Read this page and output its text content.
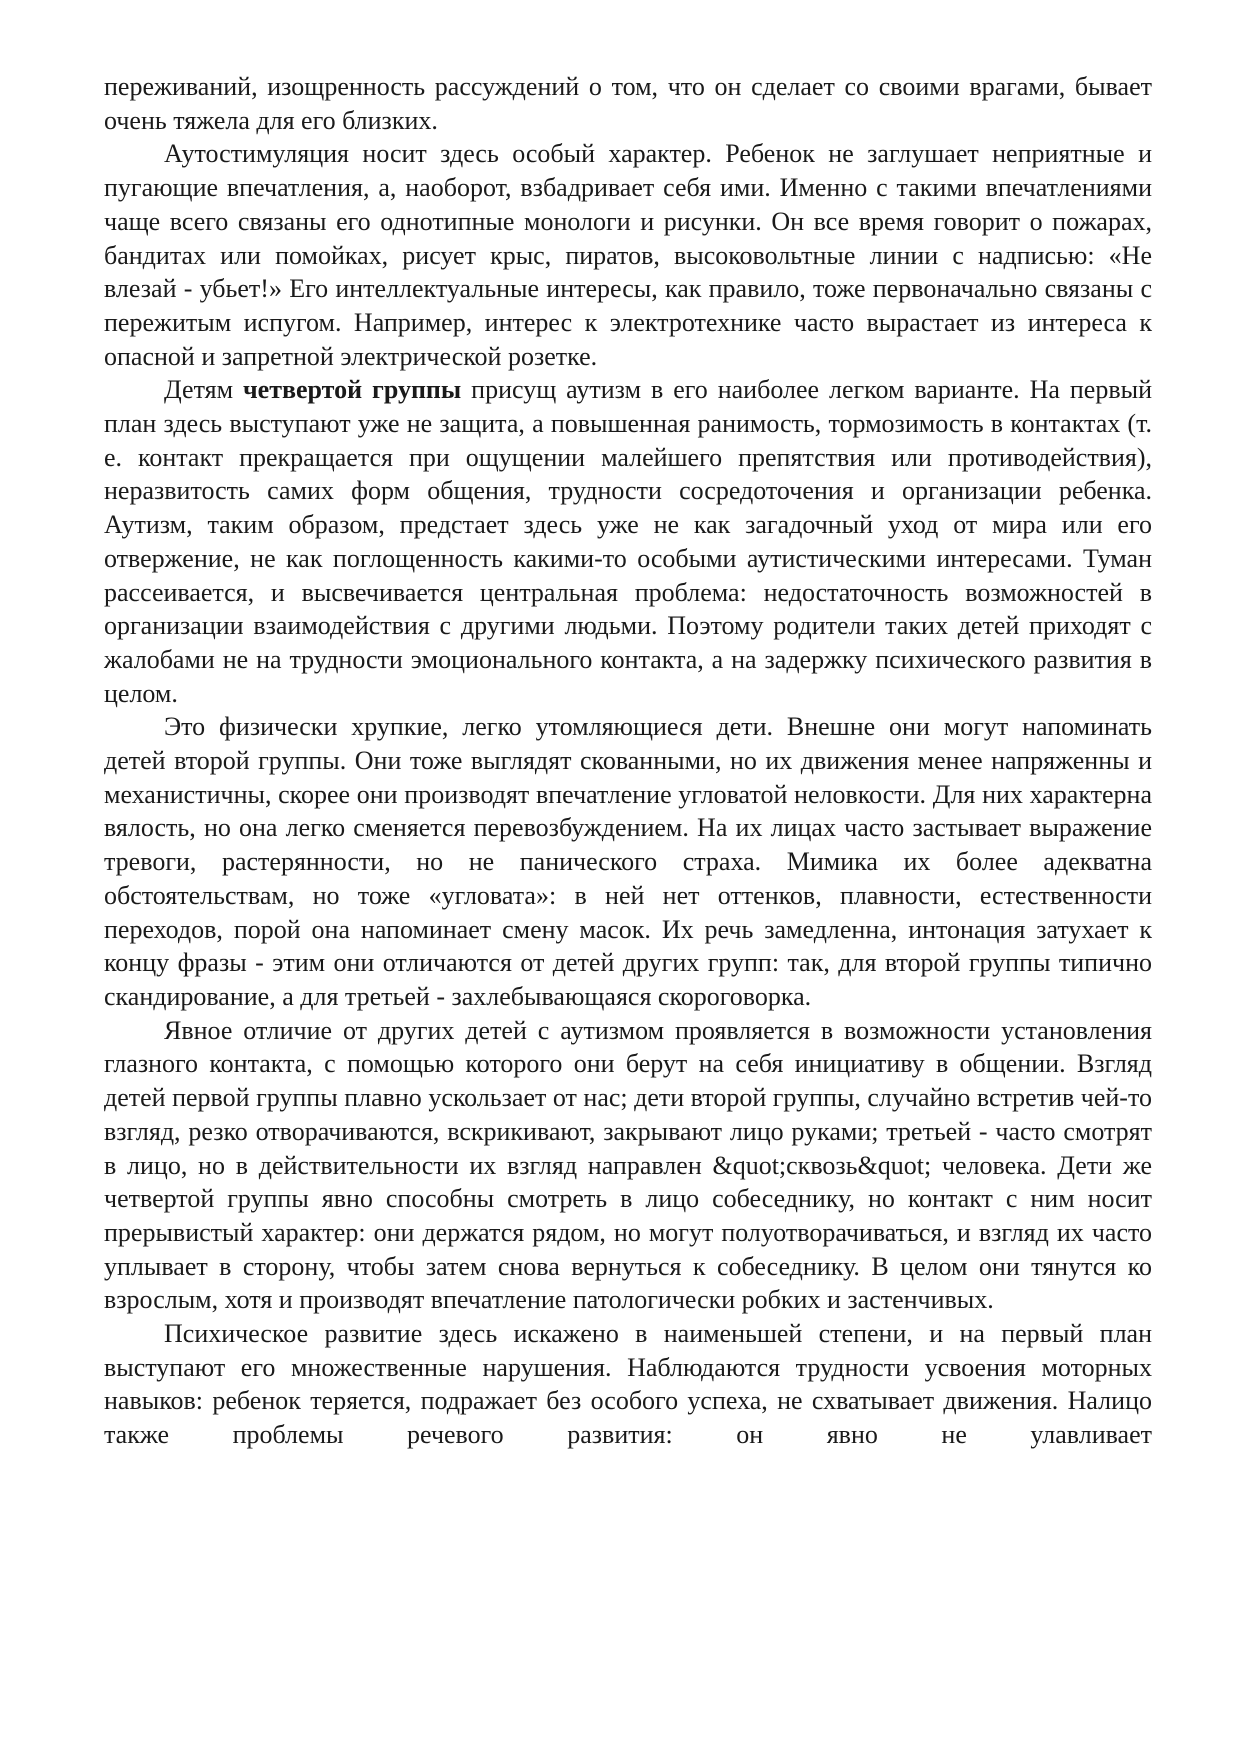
переживаний, изощренность рассуждений о том, что он сделает со своими врагами, бывает очень тяжела для его близких.

Аутостимуляция носит здесь особый характер. Ребенок не заглушает неприятные и пугающие впечатления, а, наоборот, взбадривает себя ими. Именно с такими впечатлениями чаще всего связаны его однотипные монологи и рисунки. Он все время говорит о пожарах, бандитах или помойках, рисует крыс, пиратов, высоковольтные линии с надписью: «Не влезай - убьет!» Его интеллектуальные интересы, как правило, тоже первоначально связаны с пережитым испугом. Например, интерес к электротехнике часто вырастает из интереса к опасной и запретной электрической розетке.

Детям четвертой группы присущ аутизм в его наиболее легком варианте. На первый план здесь выступают уже не защита, а повышенная ранимость, тормозимость в контактах (т. е. контакт прекращается при ощущении малейшего препятствия или противодействия), неразвитость самих форм общения, трудности сосредоточения и организации ребенка. Аутизм, таким образом, предстает здесь уже не как загадочный уход от мира или его отвержение, не как поглощенность какими-то особыми аутистическими интересами. Туман рассеивается, и высвечивается центральная проблема: недостаточность возможностей в организации взаимодействия с другими людьми. Поэтому родители таких детей приходят с жалобами не на трудности эмоционального контакта, а на задержку психического развития в целом.

Это физически хрупкие, легко утомляющиеся дети. Внешне они могут напоминать детей второй группы. Они тоже выглядят скованными, но их движения менее напряженны и механистичны, скорее они производят впечатление угловатой неловкости. Для них характерна вялость, но она легко сменяется перевозбуждением. На их лицах часто застывает выражение тревоги, растерянности, но не панического страха. Мимика их более адекватна обстоятельствам, но тоже «угловата»: в ней нет оттенков, плавности, естественности переходов, порой она напоминает смену масок. Их речь замедленна, интонация затухает к концу фразы - этим они отличаются от детей других групп: так, для второй группы типично скандирование, а для третьей - захлебывающаяся скороговорка.

Явное отличие от других детей с аутизмом проявляется в возможности установления глазного контакта, с помощью которого они берут на себя инициативу в общении. Взгляд детей первой группы плавно ускользает от нас; дети второй группы, случайно встретив чей-то взгляд, резко отворачиваются, вскрикивают, закрывают лицо руками; третьей - часто смотрят в лицо, но в действительности их взгляд направлен &quot;сквозь&quot; человека. Дети же четвертой группы явно способны смотреть в лицо собеседнику, но контакт с ним носит прерывистый характер: они держатся рядом, но могут полуотворачиваться, и взгляд их часто уплывает в сторону, чтобы затем снова вернуться к собеседнику. В целом они тянутся ко взрослым, хотя и производят впечатление патологически робких и застенчивых.

Психическое развитие здесь искажено в наименьшей степени, и на первый план выступают его множественные нарушения. Наблюдаются трудности усвоения моторных навыков: ребенок теряется, подражает без особого успеха, не схватывает движения. Налицо также проблемы речевого развития: он явно не улавливает
